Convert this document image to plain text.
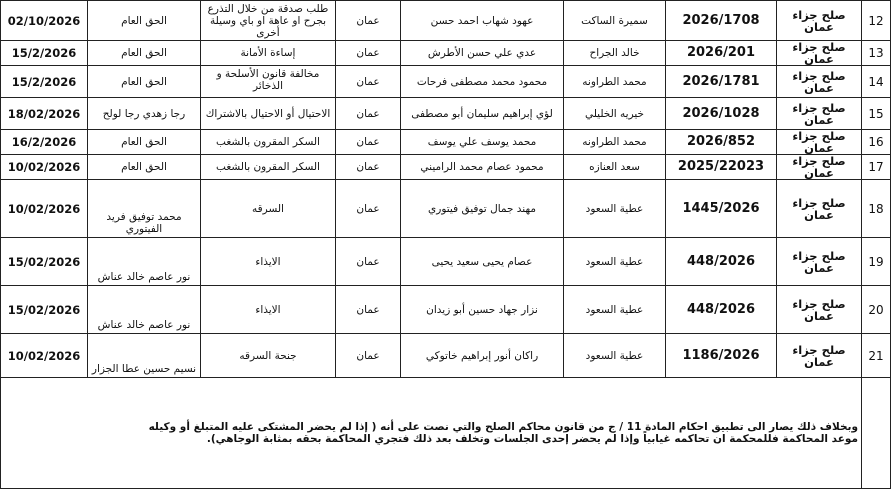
12	صلح جزاء عمان	2026/1708	سميرة الساكت	عهود شهاب احمد حسن	عمان	طلب صدقة من خلال التذرع بجرح او عاهة او باي وسيلة أخرى	الحق العام	02/10/2026
13	صلح جزاء عمان	2026/201	خالد الجراح	عدي علي حسن الأطرش	عمان	إساءة الأمانة	الحق العام	15/2/2026
14	صلح جزاء عمان	2026/1781	محمد الطراونه	محمود محمد مصطفى فرحات	عمان	مخالفة قانون الأسلحة و الذخائر	الحق العام	15/2/2026
15	صلح جزاء عمان	2026/1028	خيريه الخليلي	لؤي إبراهيم سليمان أبو مصطفى	عمان	الاحتيال أو الاحتيال بالاشتراك	رجا زهدي رجا لولح	18/02/2026
16	صلح جزاء عمان	2026/852	محمد الطراونه	محمد يوسف علي يوسف	عمان	السكر المقرون بالشغب	الحق العام	16/2/2026
17	صلح جزاء عمان	2025/22023	سعد العنازه	محمود عصام محمد الراميني	عمان	السكر المقرون بالشغب	الحق العام	10/02/2026
18	صلح جزاء عمان	1445/2026	عطية السعود	مهند جمال توفيق فيتوري	عمان	السرقه	محمد توفيق فريد الفيتوري	10/02/2026
19	صلح جزاء عمان	448/2026	عطية السعود	عصام يحيى سعيد يحيى	عمان	الايذاء	نور عاصم خالد عناش	15/02/2026
20	صلح جزاء عمان	448/2026	عطية السعود	نزار جهاد حسين أبو زيدان	عمان	الايذاء	نور عاصم خالد عناش	15/02/2026
21	صلح جزاء عمان	1186/2026	عطية السعود	راكان أنور إبراهيم خاتوكي	عمان	جنحة السرقه	نسيم حسين عطا الجزار	10/02/2026

	وبخلاف ذلك يصار الى تطبيق احكام المادة 11 / ج من قانون محاكم الصلح والتي نصت على أنه ( إذا لم يحضر المشتكى عليه المتبلغ أو وكيله
موعد المحاكمة فللمحكمة ان تحاكمه غيابياً وإذا لم يحضر إحدى الجلسات وتخلف بعد ذلك فتجري المحاكمة بحقه بمثابة الوجاهي).							
